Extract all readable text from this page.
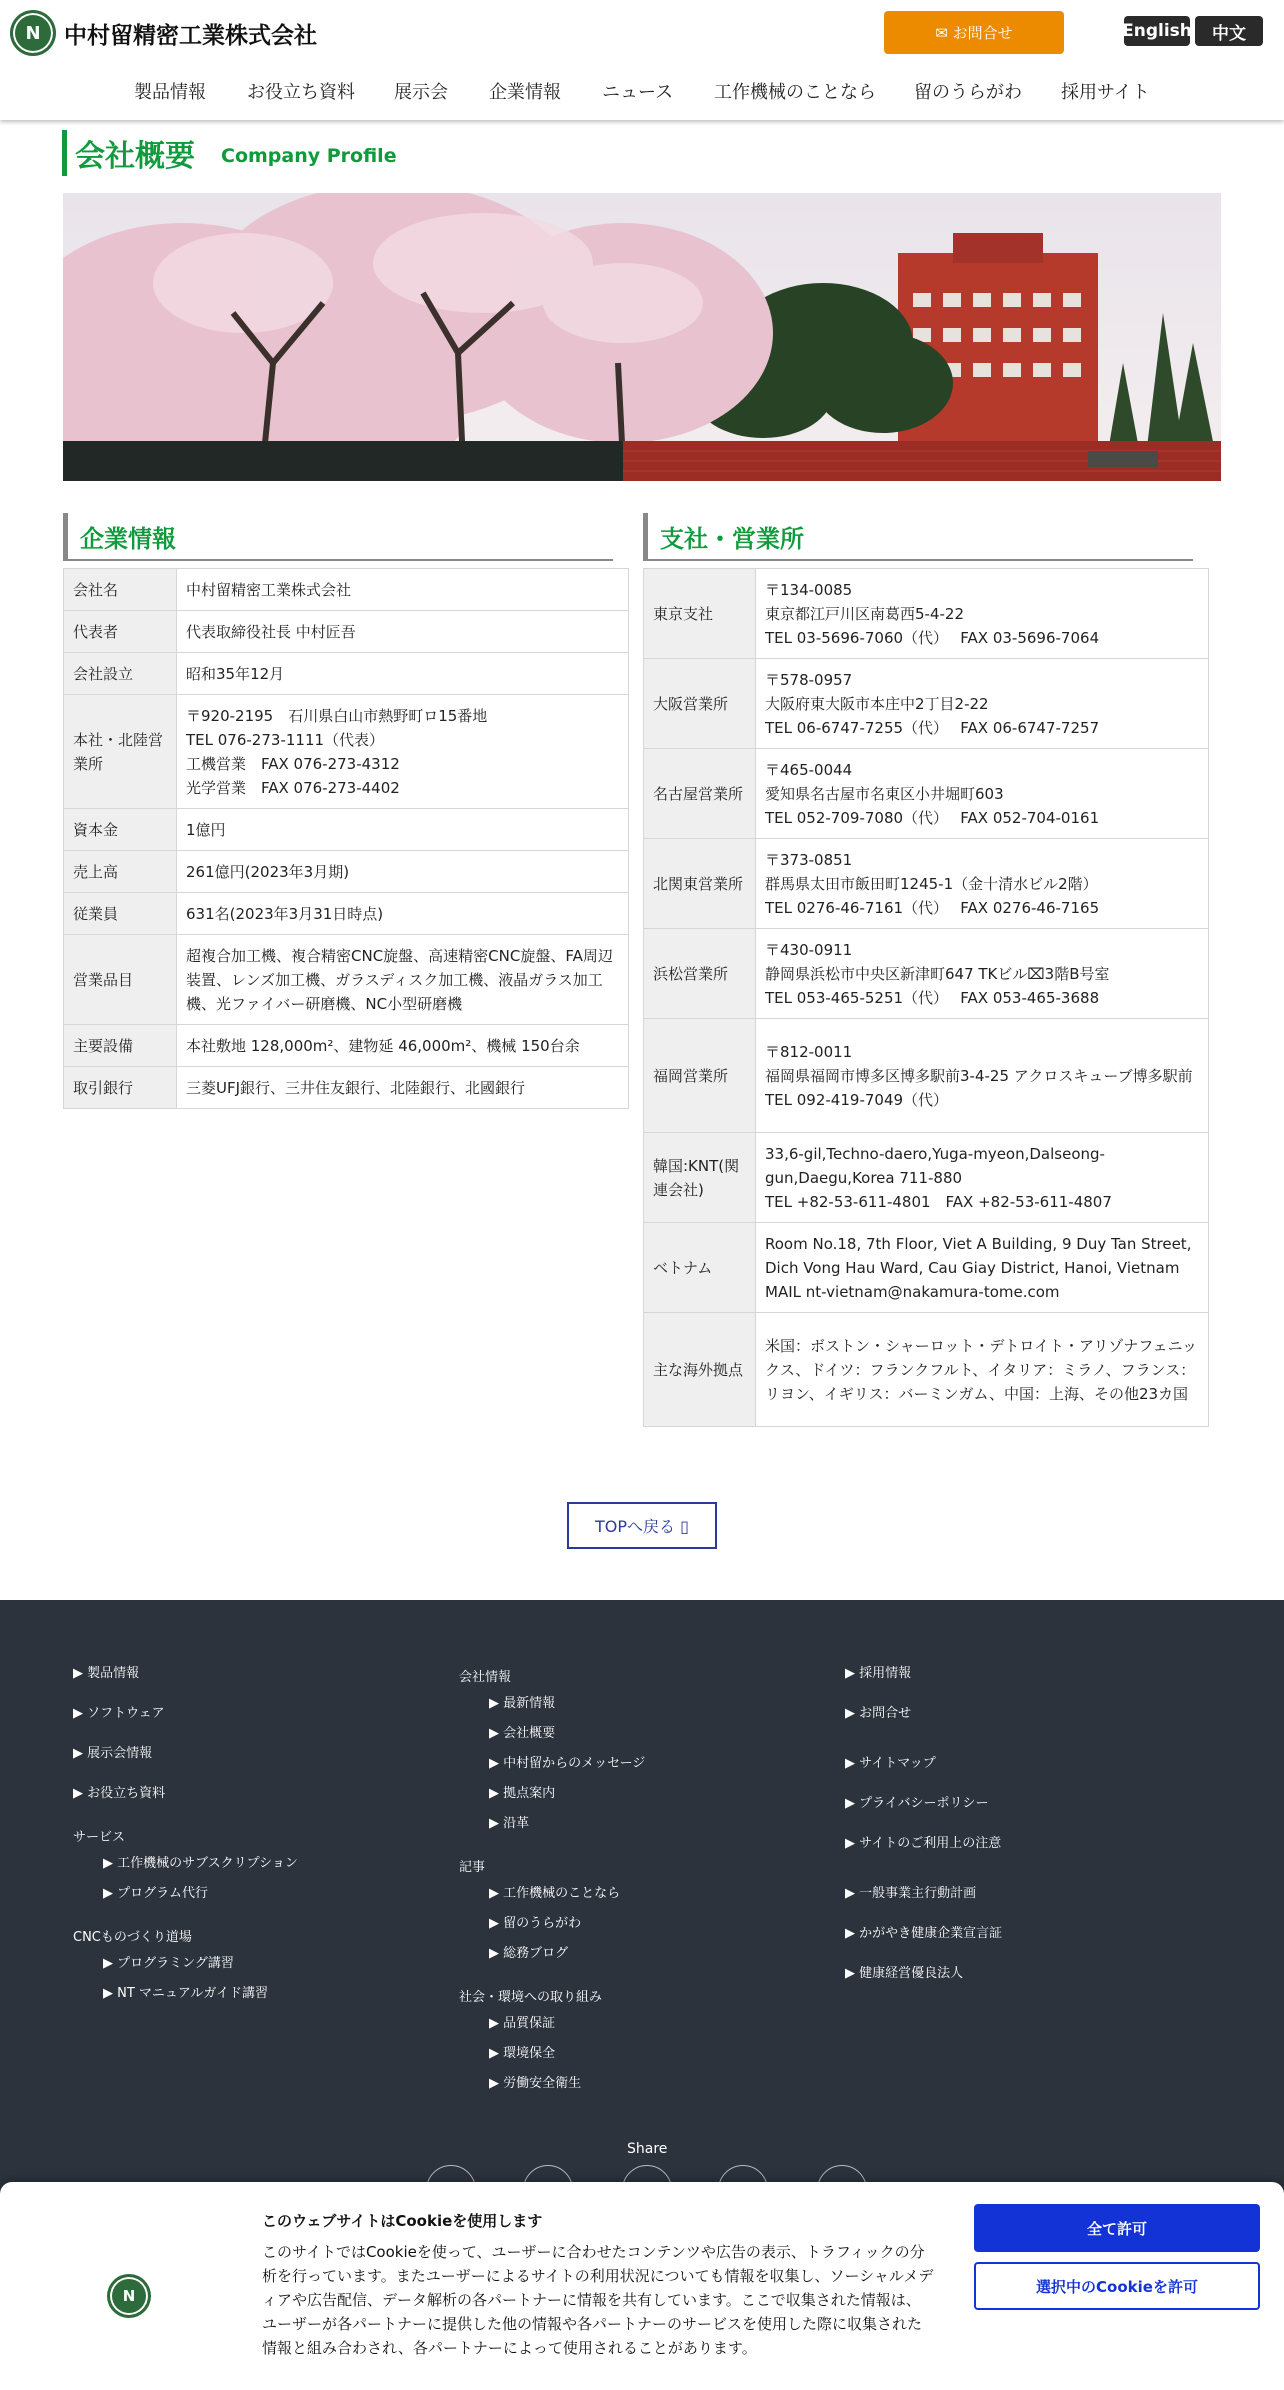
N	中村留精密工業株式会社	✉ お問合せ	English	中文
製品情報 お役立ち資料 展示会 企業情報 ニュース 工作機械のことなら 留のうらがわ 採用サイト
会社概要 Company Profile
企業情報
会社名	中村留精密工業株式会社

代表者	代表取締役社長 中村匠吾

会社設立	昭和35年12月

本社・北陸営業所	〒920-2195　石川県白山市熱野町ロ15番地
TEL 076-273-1111（代表）
工機営業　FAX 076-273-4312
光学営業　FAX 076-273-4402

資本金	1億円

売上高	261億円(2023年3月期)

従業員	631名(2023年3月31日時点)

営業品目	超複合加工機、複合精密CNC旋盤、高速精密CNC旋盤、FA周辺装置、レンズ加工機、ガラスディスク加工機、液晶ガラス加工機、光ファイバー研磨機、NC小型研磨機

主要設備	本社敷地 128,000m²、建物延 46,000m²、機械 150台余

取引銀行	三菱UFJ銀行、三井住友銀行、北陸銀行、北國銀行
支社・営業所
東京支社	〒134-0085
東京都江戸川区南葛西5-4-22
TEL 03-5696-7060（代）　 FAX 03-5696-7064

大阪営業所	〒578-0957
大阪府東大阪市本庄中2丁目2-22
TEL 06-6747-7255（代）　 FAX 06-6747-7257

名古屋営業所	〒465-0044
愛知県名古屋市名東区小井堀町603
TEL 052-709-7080（代）　 FAX 052-704-0161

北関東営業所	〒373-0851
群馬県太田市飯田町1245-1（金十清水ビル2階）
TEL 0276-46-7161（代）　 FAX 0276-46-7165

浜松営業所	〒430-0911
静岡県浜松市中央区新津町647 TKビル⌧3階B号室
TEL 053-465-5251（代）　 FAX 053-465-3688

福岡営業所	〒812-0011
福岡県福岡市博多区博多駅前3-4-25 アクロスキューブ博多駅前
TEL 092-419-7049（代）

韓国:KNT(関連会社)	33,6-gil,Techno-daero,Yuga-myeon,Dalseong-gun,Daegu,Korea 711-880
TEL +82-53-611-4801　FAX +82-53-611-4807

ベトナム	Room No.18, 7th Floor, Viet A Building, 9 Duy Tan Street, Dich Vong Hau Ward, Cau Giay District, Hanoi, Vietnam
MAIL nt-vietnam@nakamura-tome.com

主な海外拠点	米国：ボストン・シャーロット・デトロイト・アリゾナフェニックス、ドイツ：フランクフルト、イタリア：ミラノ、フランス：リヨン、イギリス：バーミンガム、中国：上海、その他23カ国
TOPへ戻る ▯
▶ 製品情報
▶ ソフトウェア
▶ 展示会情報
▶ お役立ち資料
サービス
▶ 工作機械のサブスクリプション
▶ プログラム代行
CNCものづくり道場
▶ プログラミング講習
▶ NT マニュアルガイド講習
会社情報
▶ 最新情報
▶ 会社概要
▶ 中村留からのメッセージ
▶ 拠点案内
▶ 沿革
記事
▶ 工作機械のことなら
▶ 留のうらがわ
▶ 総務ブログ
社会・環境への取り組み
▶ 品質保証
▶ 環境保全
▶ 労働安全衛生
▶ 採用情報
▶ お問合せ
▶ サイトマップ
▶ プライバシーポリシー
▶ サイトのご利用上の注意
▶ 一般事業主行動計画
▶ かがやき健康企業宣言証
▶ 健康経営優良法人
Share
N
このウェブサイトはCookieを使用します
このサイトではCookieを使って、ユーザーに合わせたコンテンツや広告の表示、トラフィックの分析を行っています。またユーザーによるサイトの利用状況についても情報を収集し、ソーシャルメディアや広告配信、データ解析の各パートナーに情報を共有しています。ここで収集された情報は、ユーザーが各パートナーに提供した他の情報や各パートナーのサービスを使用した際に収集された情報と組み合わされ、各パートナーによって使用されることがあります。
全て許可
選択中のCookieを許可
